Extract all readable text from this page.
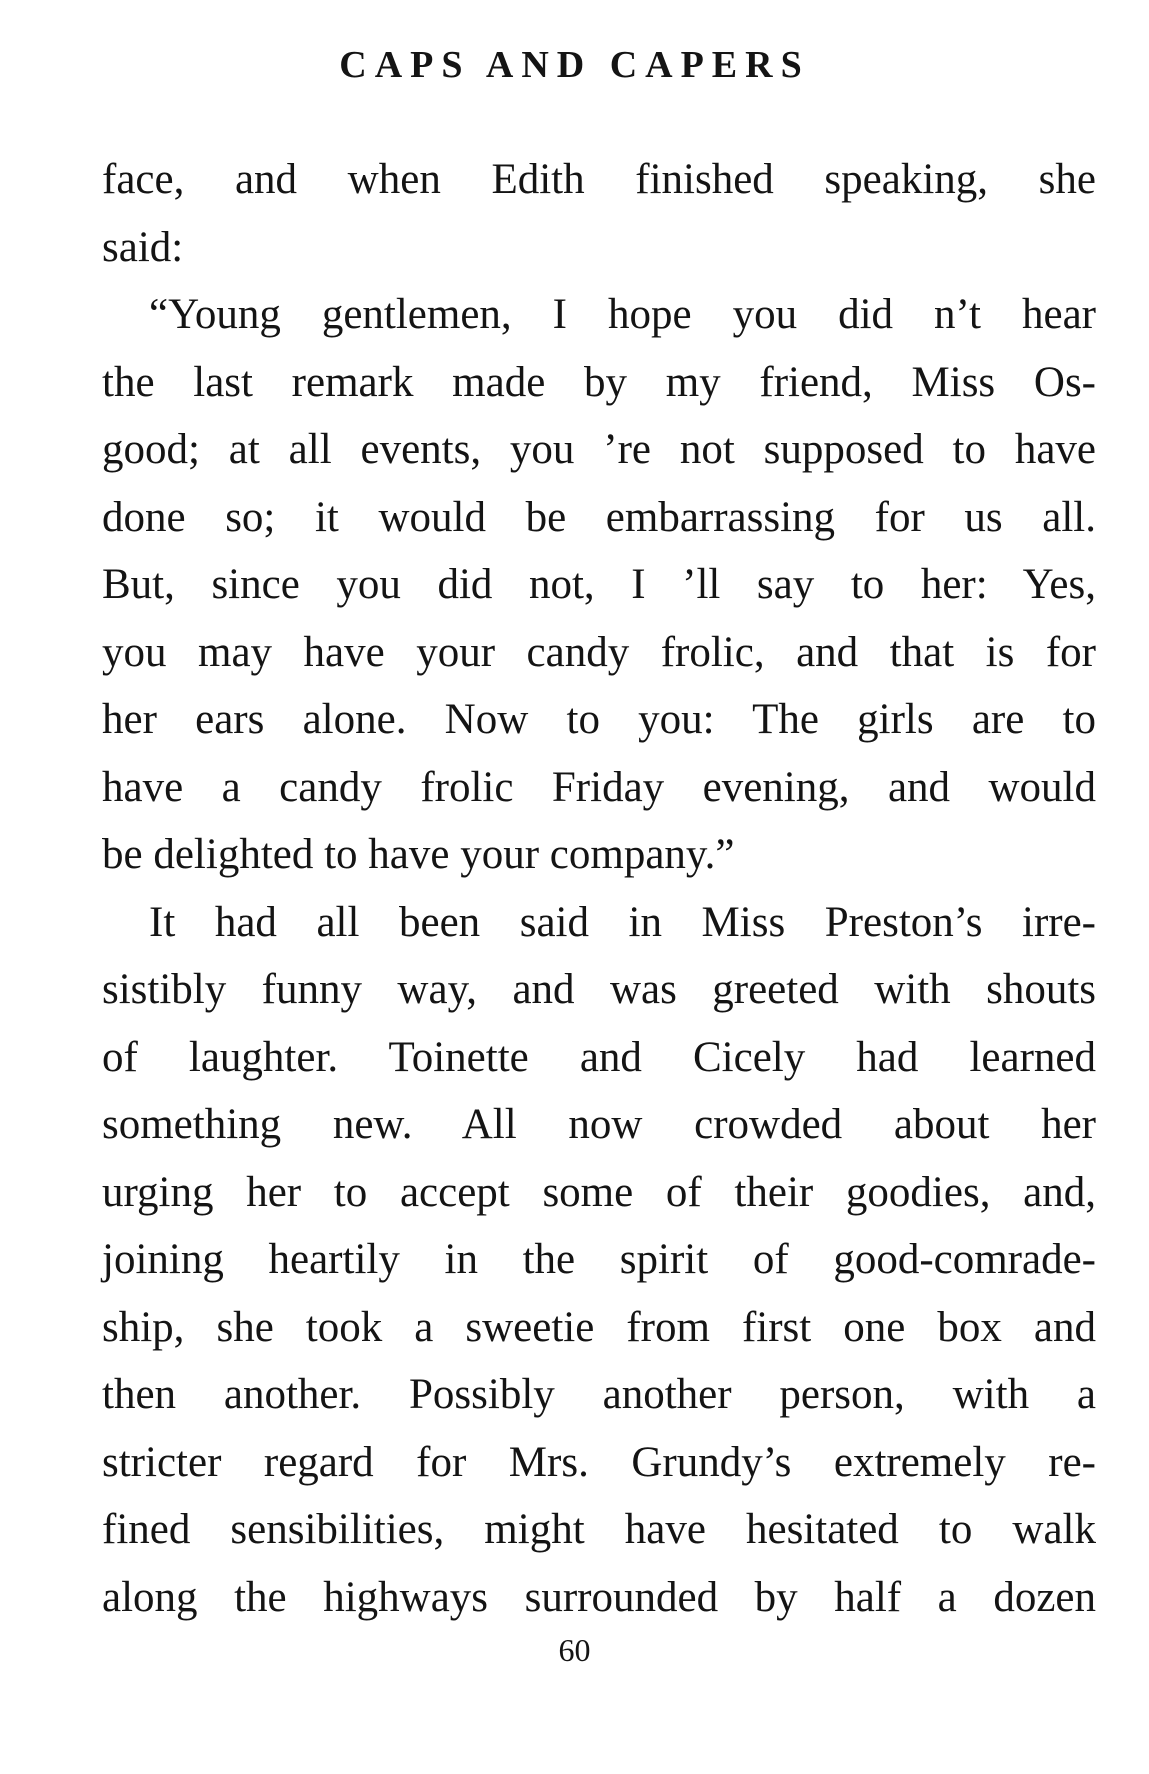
CAPS AND CAPERS
face, and when Edith finished speaking, she
said:
“Young gentlemen, I hope you did n’t hear
the last remark made by my friend, Miss Os-
good; at all events, you ’re not supposed to have
done so; it would be embarrassing for us all.
But, since you did not, I ’ll say to her: Yes,
you may have your candy frolic, and that is for
her ears alone. Now to you: The girls are to
have a candy frolic Friday evening, and would
be delighted to have your company.”
It had all been said in Miss Preston’s irre-
sistibly funny way, and was greeted with shouts
of laughter. Toinette and Cicely had learned
something new. All now crowded about her
urging her to accept some of their goodies, and,
joining heartily in the spirit of good-comrade-
ship, she took a sweetie from first one box and
then another. Possibly another person, with a
stricter regard for Mrs. Grundy’s extremely re-
fined sensibilities, might have hesitated to walk
along the highways surrounded by half a dozen
60
